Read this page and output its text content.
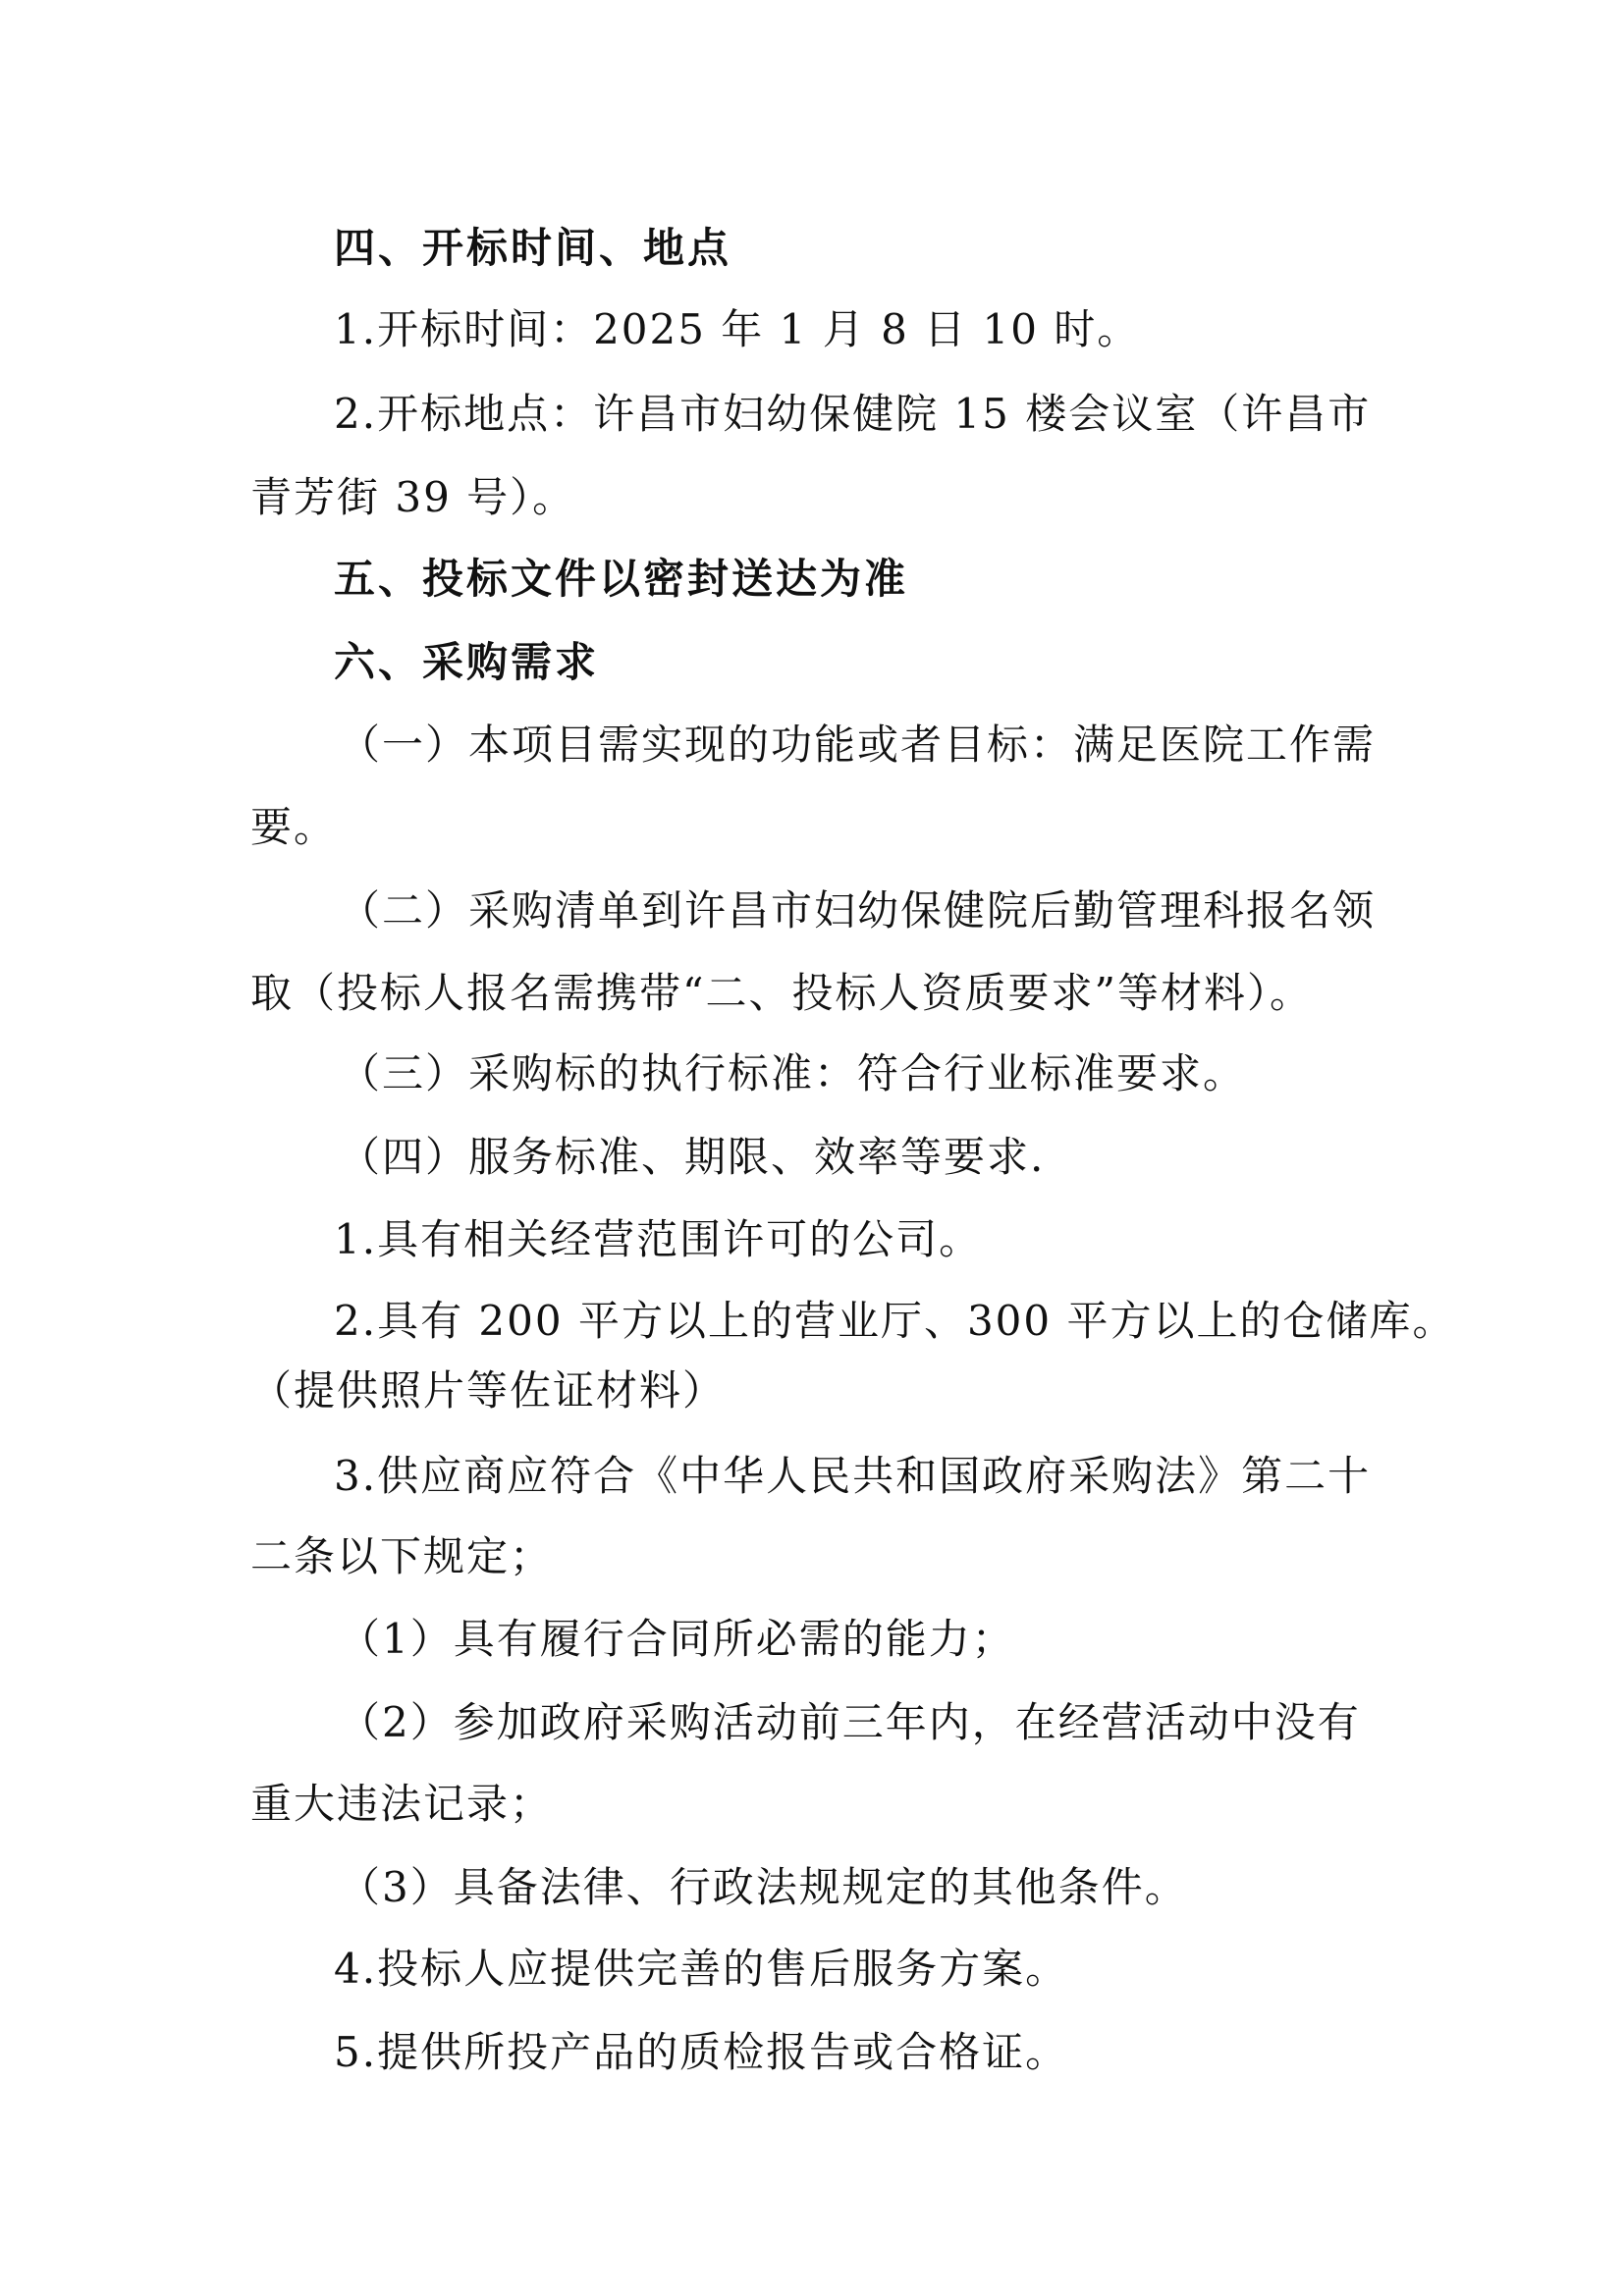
四、开标时间、地点

1.开标时间：2025 年 1 月 8 日 10 时。

2.开标地点：许昌市妇幼保健院 15 楼会议室（许昌市

青芳街 39 号）。

五、投标文件以密封送达为准

六、采购需求

（一）本项目需实现的功能或者目标：满足医院工作需

要。

（二）采购清单到许昌市妇幼保健院后勤管理科报名领

取（投标人报名需携带“二、投标人资质要求”等材料）。

（三）采购标的执行标准：符合行业标准要求。

（四）服务标准、期限、效率等要求.

1.具有相关经营范围许可的公司。

2.具有 200 平方以上的营业厅、300 平方以上的仓储库。

（提供照片等佐证材料）

3.供应商应符合《中华人民共和国政府采购法》第二十

二条以下规定；

（1）具有履行合同所必需的能力；

（2）参加政府采购活动前三年内，在经营活动中没有

重大违法记录；

（3）具备法律、行政法规规定的其他条件。

4.投标人应提供完善的售后服务方案。

5.提供所投产品的质检报告或合格证。
